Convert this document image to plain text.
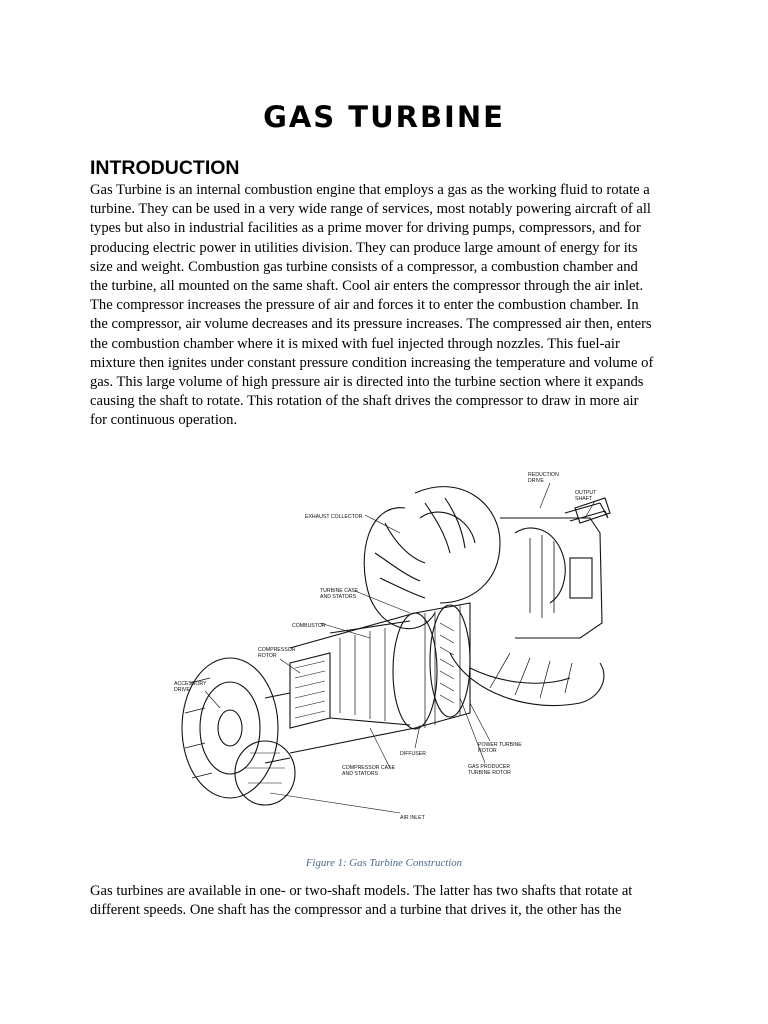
GAS TURBINE
INTRODUCTION

Gas Turbine is an internal combustion engine that employs a gas as the working fluid to rotate a
turbine. They can be used in a very wide range of services, most notably powering aircraft of all
types but also in industrial facilities as a prime mover for driving pumps, compressors, and for
producing electric power in utilities division. They can produce large amount of energy for its
size and weight. Combustion gas turbine consists of a compressor, a combustion chamber and
the turbine, all mounted on the same shaft. Cool air enters the compressor through the air inlet.
The compressor increases the pressure of air and forces it to enter the combustion chamber. In
the compressor, air volume decreases and its pressure increases. The compressed air then, enters
the combustion chamber where it is mixed with fuel injected through nozzles. This fuel-air
mixture then ignites under constant pressure condition increasing the temperature and volume of
gas. This large volume of high pressure air is directed into the turbine section where it expands
causing the shaft to rotate. This rotation of the shaft drives the compressor to draw in more air
for continuous operation.

REDUCTION
DRIVE
OUTPUT
SHAFT
EXHAUST COLLECTOR
TURBINE CASE
AND STATORS
COMBUSTOR
COMPRESSOR
ROTOR
ACCESSORY
DRIVE
DIFFUSER
POWER TURBINE
ROTOR
COMPRESSOR CASE
AND STATORS
GAS PRODUCER
TURBINE ROTOR
AIR INLET

Figure 1: Gas Turbine Construction

Gas turbines are available in one- or two-shaft models. The latter has two shafts that rotate at
different speeds. One shaft has the compressor and a turbine that drives it, the other has the
